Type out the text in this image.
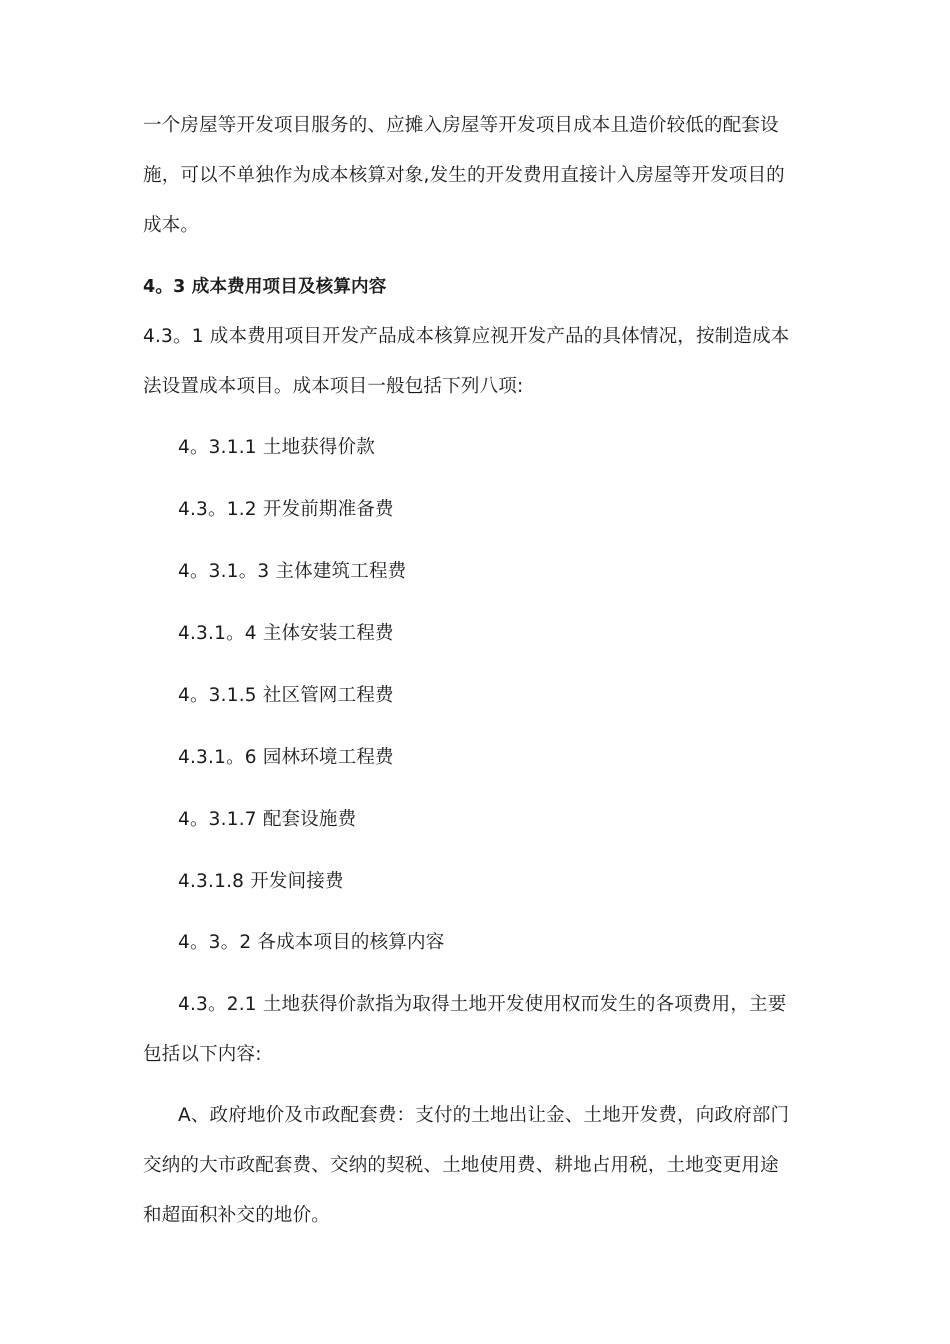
一个房屋等开发项目服务的、应摊入房屋等开发项目成本且造价较低的配套设
施，可以不单独作为成本核算对象,发生的开发费用直接计入房屋等开发项目的
成本。
4。3 成本费用项目及核算内容
4.3。1 成本费用项目开发产品成本核算应视开发产品的具体情况，按制造成本
法设置成本项目。成本项目一般包括下列八项:
4。3.1.1 土地获得价款
4.3。1.2 开发前期准备费
4。3.1。3 主体建筑工程费
4.3.1。4 主体安装工程费
4。3.1.5 社区管网工程费
4.3.1。6 园林环境工程费
4。3.1.7 配套设施费
4.3.1.8 开发间接费
4。3。2 各成本项目的核算内容
4.3。2.1 土地获得价款指为取得土地开发使用权而发生的各项费用，主要
包括以下内容:
A、政府地价及市政配套费：支付的土地出让金、土地开发费，向政府部门
交纳的大市政配套费、交纳的契税、土地使用费、耕地占用税，土地变更用途
和超面积补交的地价。
